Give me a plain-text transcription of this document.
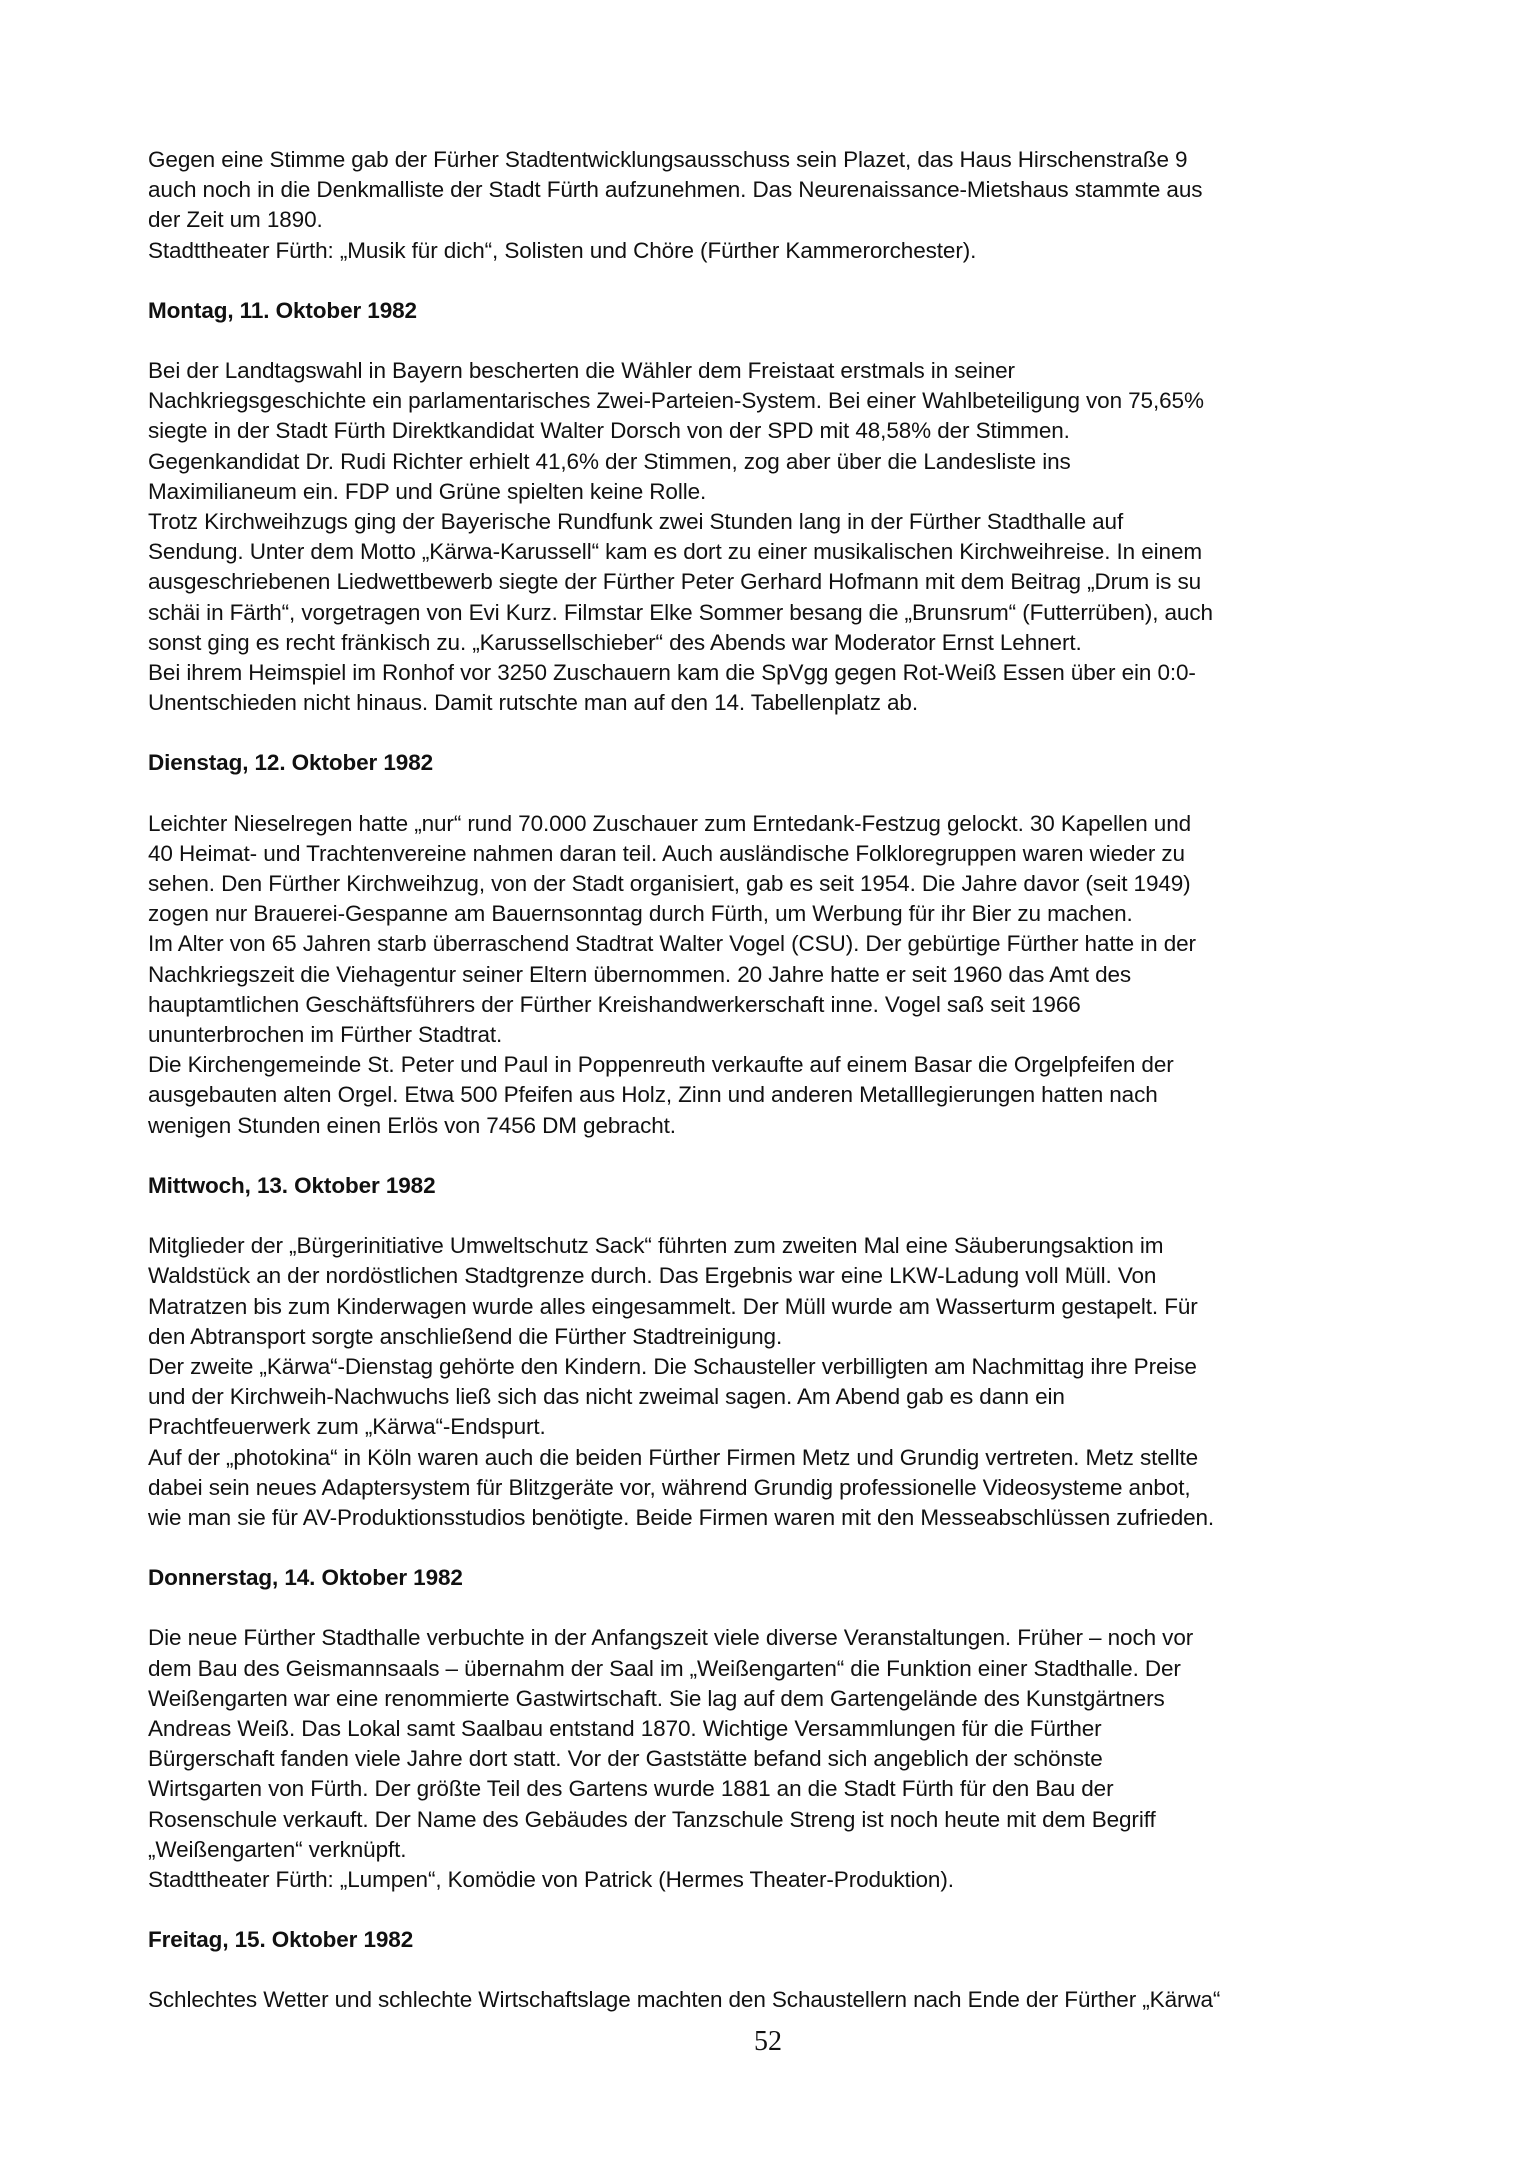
Gegen eine Stimme gab der Fürher Stadtentwicklungsausschuss sein Plazet, das Haus Hirschenstraße 9
auch noch in die Denkmalliste der Stadt Fürth aufzunehmen. Das Neurenaissance-Mietshaus stammte aus
der Zeit um 1890.
Stadttheater Fürth: „Musik für dich“, Solisten und Chöre (Fürther Kammerorchester).
Montag, 11. Oktober 1982
Bei der Landtagswahl in Bayern bescherten die Wähler dem Freistaat erstmals in seiner
Nachkriegsgeschichte ein parlamentarisches Zwei-Parteien-System. Bei einer Wahlbeteiligung von 75,65%
siegte in der Stadt Fürth Direktkandidat Walter Dorsch von der SPD mit 48,58% der Stimmen.
Gegenkandidat Dr. Rudi Richter erhielt 41,6% der Stimmen, zog aber über die Landesliste ins
Maximilianeum ein. FDP und Grüne spielten keine Rolle.
Trotz Kirchweihzugs ging der Bayerische Rundfunk zwei Stunden lang in der Fürther Stadthalle auf
Sendung. Unter dem Motto „Kärwa-Karussell“ kam es dort zu einer musikalischen Kirchweihreise. In einem
ausgeschriebenen Liedwettbewerb siegte der Fürther Peter Gerhard Hofmann mit dem Beitrag „Drum is su
schäi in Färth“, vorgetragen von Evi Kurz. Filmstar Elke Sommer besang die „Brunsrum“ (Futterrüben), auch
sonst ging es recht fränkisch zu. „Karussellschieber“ des Abends war Moderator Ernst Lehnert.
Bei ihrem Heimspiel im Ronhof vor 3250 Zuschauern kam die SpVgg gegen Rot-Weiß Essen über ein 0:0-
Unentschieden nicht hinaus. Damit rutschte man auf den 14. Tabellenplatz ab.
Dienstag, 12. Oktober 1982
Leichter Nieselregen hatte „nur“ rund 70.000 Zuschauer zum Erntedank-Festzug gelockt. 30 Kapellen und
40 Heimat- und Trachtenvereine nahmen daran teil. Auch ausländische Folkloregruppen waren wieder zu
sehen. Den Fürther Kirchweihzug, von der Stadt organisiert, gab es seit 1954. Die Jahre davor (seit 1949)
zogen nur Brauerei-Gespanne am Bauernsonntag durch Fürth, um Werbung für ihr Bier zu machen.
Im Alter von 65 Jahren starb überraschend Stadtrat Walter Vogel (CSU). Der gebürtige Fürther hatte in der
Nachkriegszeit die Viehagentur seiner Eltern übernommen. 20 Jahre hatte er seit 1960 das Amt des
hauptamtlichen Geschäftsführers der Fürther Kreishandwerkerschaft inne. Vogel saß seit 1966
ununterbrochen im Fürther Stadtrat.
Die Kirchengemeinde St. Peter und Paul in Poppenreuth verkaufte auf einem Basar die Orgelpfeifen der
ausgebauten alten Orgel. Etwa 500 Pfeifen aus Holz, Zinn und anderen Metalllegierungen hatten nach
wenigen Stunden einen Erlös von 7456 DM gebracht.
Mittwoch, 13. Oktober 1982
Mitglieder der „Bürgerinitiative Umweltschutz Sack“ führten zum zweiten Mal eine Säuberungsaktion im
Waldstück an der nordöstlichen Stadtgrenze durch. Das Ergebnis war eine LKW-Ladung voll Müll. Von
Matratzen bis zum Kinderwagen wurde alles eingesammelt. Der Müll wurde am Wasserturm gestapelt. Für
den Abtransport sorgte anschließend die Fürther Stadtreinigung.
Der zweite „Kärwa“-Dienstag gehörte den Kindern. Die Schausteller verbilligten am Nachmittag ihre Preise
und der Kirchweih-Nachwuchs ließ sich das nicht zweimal sagen. Am Abend gab es dann ein
Prachtfeuerwerk zum „Kärwa“-Endspurt.
Auf der „photokina“ in Köln waren auch die beiden Fürther Firmen Metz und Grundig vertreten. Metz stellte
dabei sein neues Adaptersystem für Blitzgeräte vor, während Grundig professionelle Videosysteme anbot,
wie man sie für AV-Produktionsstudios benötigte. Beide Firmen waren mit den Messeabschlüssen zufrieden.
Donnerstag, 14. Oktober 1982
Die neue Fürther Stadthalle verbuchte in der Anfangszeit viele diverse Veranstaltungen. Früher – noch vor
dem Bau des Geismannsaals – übernahm der Saal im „Weißengarten“ die Funktion einer Stadthalle. Der
Weißengarten war eine renommierte Gastwirtschaft. Sie lag auf dem Gartengelände des Kunstgärtners
Andreas Weiß. Das Lokal samt Saalbau entstand 1870. Wichtige Versammlungen für die Fürther
Bürgerschaft fanden viele Jahre dort statt. Vor der Gaststätte befand sich angeblich der schönste
Wirtsgarten von Fürth. Der größte Teil des Gartens wurde 1881 an die Stadt Fürth für den Bau der
Rosenschule verkauft. Der Name des Gebäudes der Tanzschule Streng ist noch heute mit dem Begriff
„Weißengarten“ verknüpft.
Stadttheater Fürth: „Lumpen“, Komödie von Patrick (Hermes Theater-Produktion).
Freitag, 15. Oktober 1982
Schlechtes Wetter und schlechte Wirtschaftslage machten den Schaustellern nach Ende der Fürther „Kärwa“
52
